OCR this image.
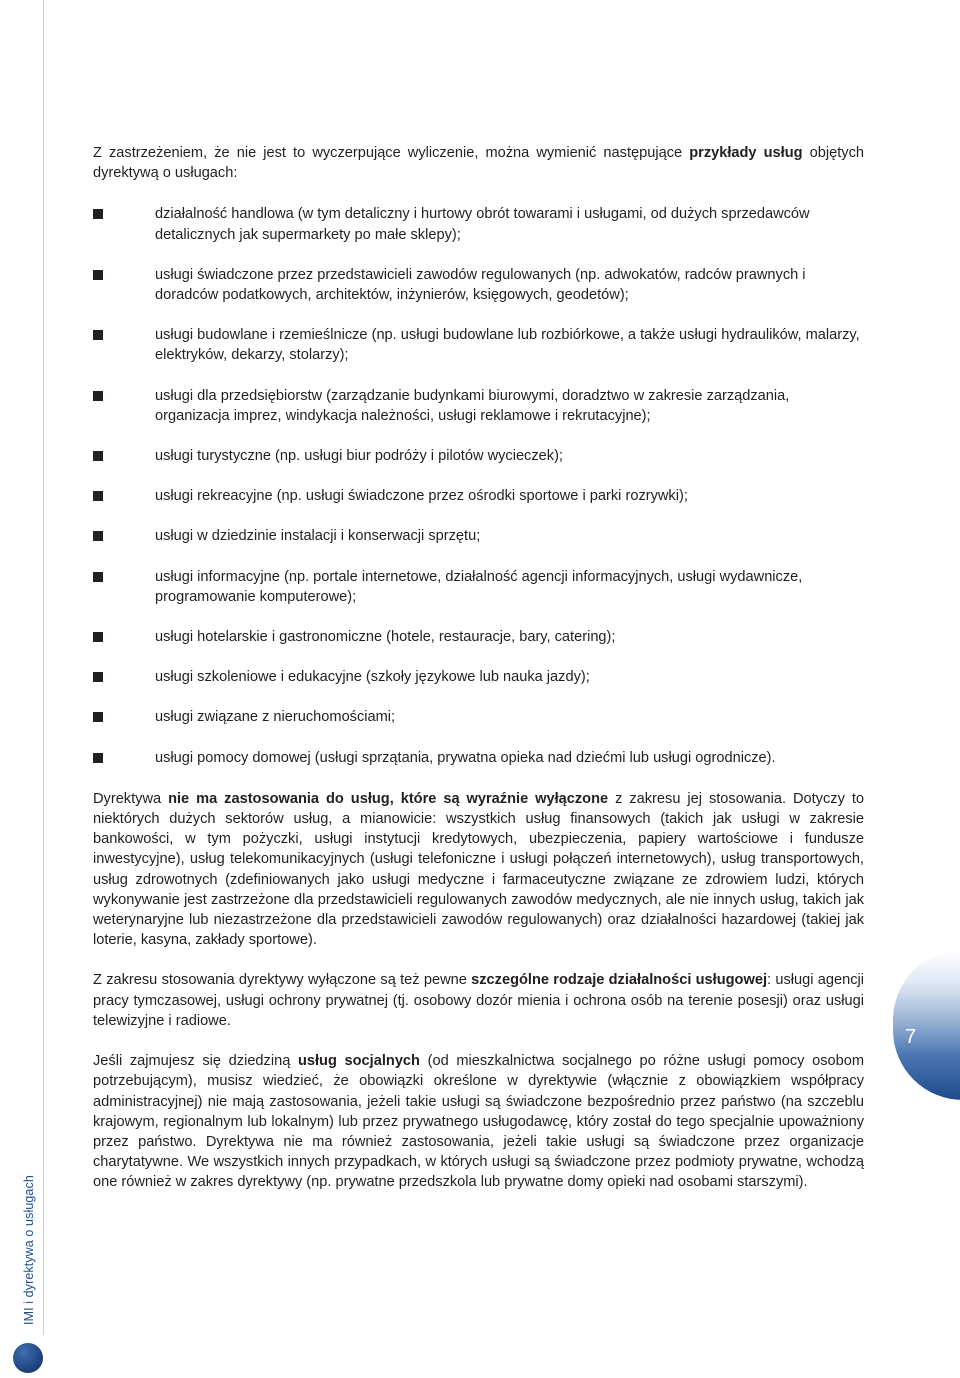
IMI i dyrektywa o usługach
7

Z zastrzeżeniem, że nie jest to wyczerpujące wyliczenie, można wymienić następujące przykłady usług objętych dyrektywą o usługach:

działalność handlowa (w tym detaliczny i hurtowy obrót towarami i usługami, od dużych sprzedawców detalicznych jak supermarkety po małe sklepy);
usługi świadczone przez przedstawicieli zawodów regulowanych (np. adwokatów, radców prawnych i doradców podatkowych, architektów, inżynierów, księgowych, geodetów);
usługi budowlane i rzemieślnicze (np. usługi budowlane lub rozbiórkowe, a także usługi hydraulików, malarzy, elektryków, dekarzy, stolarzy);
usługi dla przedsiębiorstw (zarządzanie budynkami biurowymi, doradztwo w zakresie zarządzania, organizacja imprez, windykacja należności, usługi reklamowe i rekrutacyjne);
usługi turystyczne (np. usługi biur podróży i pilotów wycieczek);
usługi rekreacyjne (np. usługi świadczone przez ośrodki sportowe i parki rozrywki);
usługi w dziedzinie instalacji i konserwacji sprzętu;
usługi informacyjne (np. portale internetowe, działalność agencji informacyjnych, usługi wydawnicze, programowanie komputerowe);
usługi hotelarskie i gastronomiczne (hotele, restauracje, bary, catering);
usługi szkoleniowe i edukacyjne (szkoły językowe lub nauka jazdy);
usługi związane z nieruchomościami;
usługi pomocy domowej (usługi sprzątania, prywatna opieka nad dziećmi lub usługi ogrodnicze).

Dyrektywa nie ma zastosowania do usług, które są wyraźnie wyłączone z zakresu jej stosowania. Dotyczy to niektórych dużych sektorów usług, a mianowicie: wszystkich usług finansowych (takich jak usługi w zakresie bankowości, w tym pożyczki, usługi instytucji kredytowych, ubezpieczenia, papiery wartościowe i fundusze inwestycyjne), usług telekomunikacyjnych (usługi telefoniczne i usługi połączeń internetowych), usług transportowych, usług zdrowotnych (zdefiniowanych jako usługi medyczne i farmaceutyczne związane ze zdrowiem ludzi, których wykonywanie jest zastrzeżone dla przedstawicieli regulowanych zawodów medycznych, ale nie innych usług, takich jak weterynaryjne lub niezastrzeżone dla przedstawicieli zawodów regulowanych) oraz działalności hazardowej (takiej jak loterie, kasyna, zakłady sportowe).

Z zakresu stosowania dyrektywy wyłączone są też pewne szczególne rodzaje działalności usługowej: usługi agencji pracy tymczasowej, usługi ochrony prywatnej (tj. osobowy dozór mienia i ochrona osób na terenie posesji) oraz usługi telewizyjne i radiowe.

Jeśli zajmujesz się dziedziną usług socjalnych (od mieszkalnictwa socjalnego po różne usługi pomocy osobom potrzebującym), musisz wiedzieć, że obowiązki określone w dyrektywie (włącznie z obowiązkiem współpracy administracyjnej) nie mają zastosowania, jeżeli takie usługi są świadczone bezpośrednio przez państwo (na szczeblu krajowym, regionalnym lub lokalnym) lub przez prywatnego usługodawcę, który został do tego specjalnie upoważniony przez państwo. Dyrektywa nie ma również zastosowania, jeżeli takie usługi są świadczone przez organizacje charytatywne. We wszystkich innych przypadkach, w których usługi są świadczone przez podmioty prywatne, wchodzą one również w zakres dyrektywy (np. prywatne przedszkola lub prywatne domy opieki nad osobami starszymi).
